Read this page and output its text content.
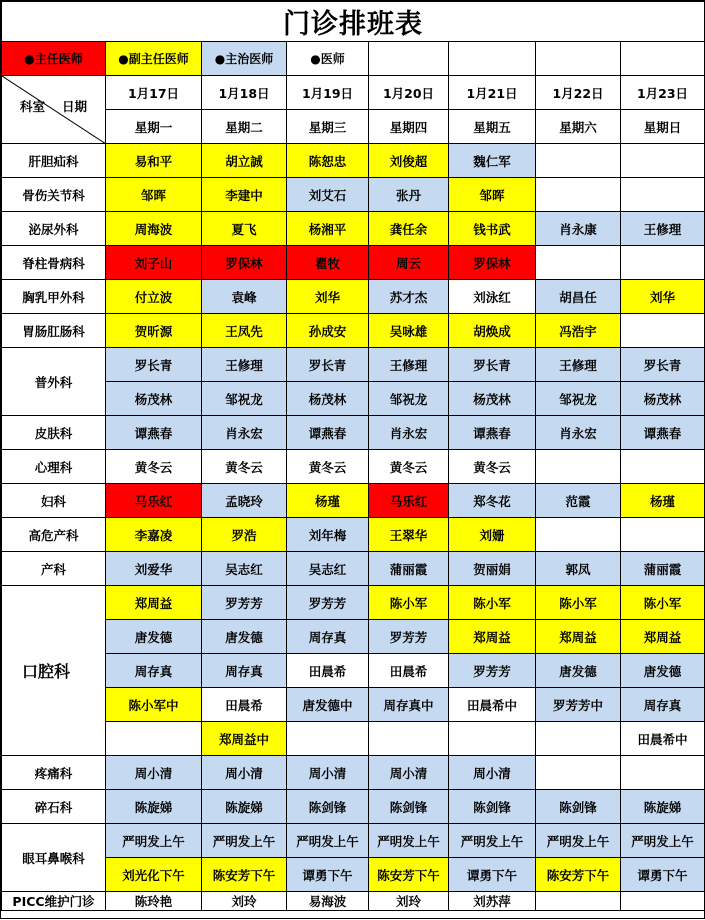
门诊排班表							
●主任医师	●副主任医师	●主治医师	●医师				

日期
科室	1月17日	1月18日	1月19日	1月20日	1月21日	1月22日	1月23日
	星期一	星期二	星期三	星期四	星期五	星期六	星期日
肝胆疝科	易和平	胡立誠	陈恕忠	刘俊超	魏仁军		
骨伤关节科	邹晖	李建中	刘艾石	张丹	邹晖		
泌尿外科	周海波	夏飞	杨湘平	龚任余	钱书武	肖永康	王修理
脊柱骨病科	刘子山	罗保林	瞿牧	周云	罗保林		
胸乳甲外科	付立波	袁峰	刘华	苏才杰	刘泳红	胡昌任	刘华
胃肠肛肠科	贺昕源	王凤先	孙成安	吴咏雄	胡焕成	冯浩宇	
普外科	罗长青	王修理	罗长青	王修理	罗长青	王修理	罗长青
	杨茂林	邹祝龙	杨茂林	邹祝龙	杨茂林	邹祝龙	杨茂林
皮肤科	谭燕春	肖永宏	谭燕春	肖永宏	谭燕春	肖永宏	谭燕春
心理科	黄冬云	黄冬云	黄冬云	黄冬云	黄冬云		
妇科	马乐红	孟晓玲	杨瑾	马乐红	郑冬花	范霞	杨瑾
高危产科	李嘉凌	罗浩	刘年梅	王翠华	刘姗		
产科	刘爱华	吴志红	吴志红	蒲丽霞	贺丽娟	郭凤	蒲丽霞
口腔科	郑周益	罗芳芳	罗芳芳	陈小军	陈小军	陈小军	陈小军
	唐发德	唐发德	周存真	罗芳芳	郑周益	郑周益	郑周益
	周存真	周存真	田晨希	田晨希	罗芳芳	唐发德	唐发德
	陈小军中	田晨希	唐发德中	周存真中	田晨希中	罗芳芳中	周存真
		郑周益中					田晨希中
疼痛科	周小清	周小清	周小清	周小清	周小清		
碎石科	陈旋娣	陈旋娣	陈剑锋	陈剑锋	陈剑锋	陈剑锋	陈旋娣
眼耳鼻喉科	严明发上午	严明发上午	严明发上午	严明发上午	严明发上午	严明发上午	严明发上午
	刘光化下午	陈安芳下午	谭勇下午	陈安芳下午	谭勇下午	陈安芳下午	谭勇下午
PICC维护门诊	陈玲艳	刘玲	易海波	刘玲	刘苏萍		
